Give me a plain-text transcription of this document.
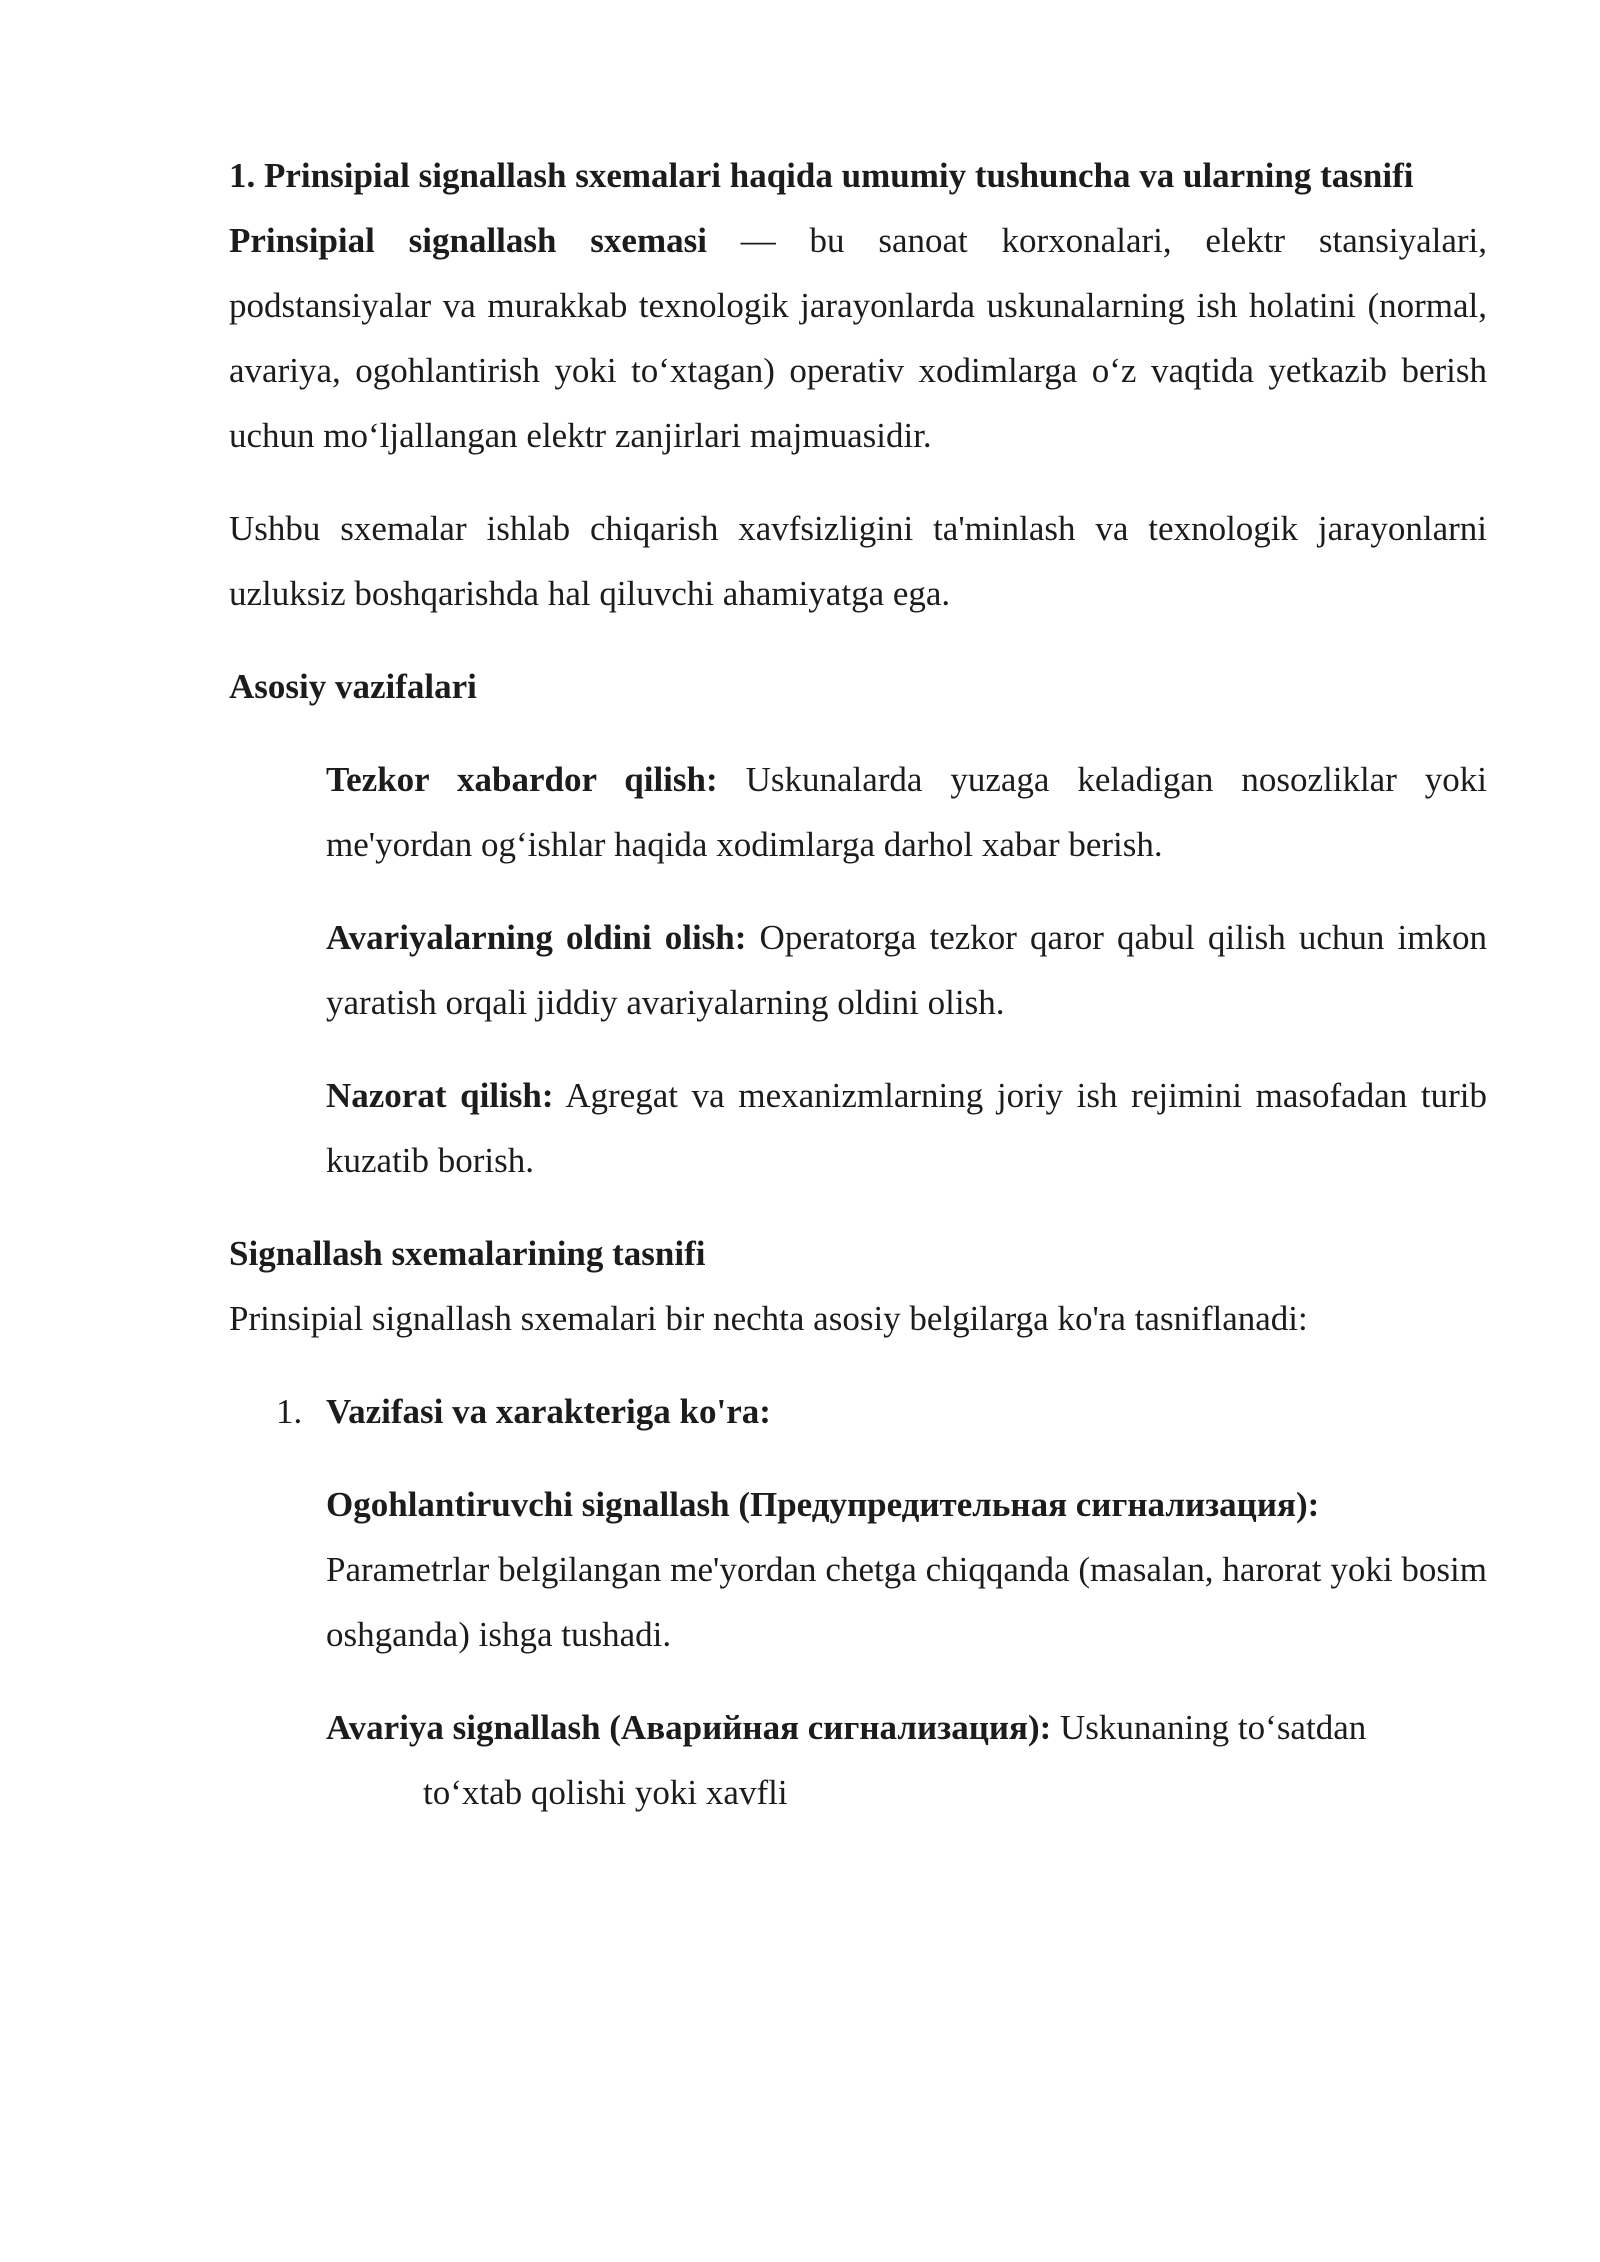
1. Prinsipial signallash sxemalari haqida umumiy tushuncha va ularning tasnifi

Prinsipial signallash sxemasi — bu sanoat korxonalari, elektr stansiyalari, podstansiyalar va murakkab texnologik jarayonlarda uskunalarning ish holatini (normal, avariya, ogohlantirish yoki to‘xtagan) operativ xodimlarga o‘z vaqtida yetkazib berish uchun mo‘ljallangan elektr zanjirlari majmuasidir.

Ushbu sxemalar ishlab chiqarish xavfsizligini ta'minlash va texnologik jarayonlarni uzluksiz boshqarishda hal qiluvchi ahamiyatga ega.

Asosiy vazifalari

Tezkor xabardor qilish: Uskunalarda yuzaga keladigan nosozliklar yoki me'yordan og‘ishlar haqida xodimlarga darhol xabar berish.

Avariyalarning oldini olish: Operatorga tezkor qaror qabul qilish uchun imkon yaratish orqali jiddiy avariyalarning oldini olish.

Nazorat qilish: Agregat va mexanizmlarning joriy ish rejimini masofadan turib kuzatib borish.

Signallash sxemalarining tasnifi

Prinsipial signallash sxemalari bir nechta asosiy belgilarga ko'ra tasniflanadi:

1. Vazifasi va xarakteriga ko'ra:

Ogohlantiruvchi signallash (Предупредительная сигнализация):
Parametrlar belgilangan me'yordan chetga chiqqanda (masalan, harorat yoki bosim oshganda) ishga tushadi.

Avariya signallash (Аварийная сигнализация): Uskunaning to‘satdan
to‘xtab qolishi yoki xavfli
